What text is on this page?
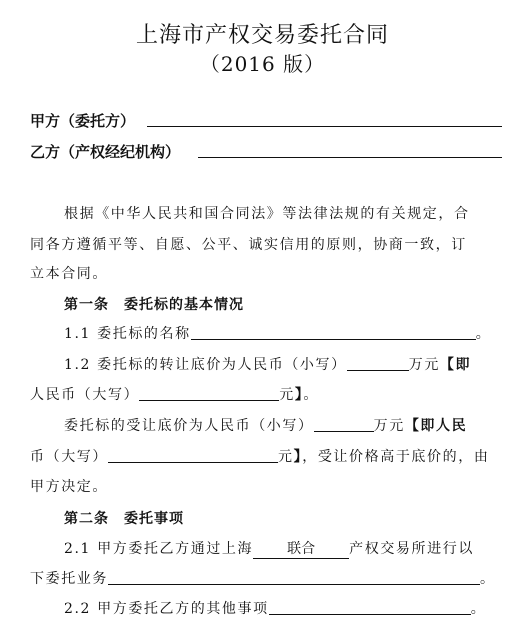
上海市产权交易委托合同
（2016 版）
甲方（委托方）
乙方（产权经纪机构）
根据《中华人民共和国合同法》等法律法规的有关规定，合
同各方遵循平等、自愿、公平、诚实信用的原则，协商一致，订
立本合同。
第一条　委托标的基本情况
1.1 委托标的名称	。
1.2 委托标的转让底价为人民币（小写）	万元【即
人民币（大写）	元】。
委托标的受让底价为人民币（小写）	万元【即人民
币（大写）	元】，受让价格高于底价的，由
甲方决定。
第二条　委托事项
2.1 甲方委托乙方通过上海 联合 产权交易所进行以
下委托业务	。
2.2 甲方委托乙方的其他事项	。
